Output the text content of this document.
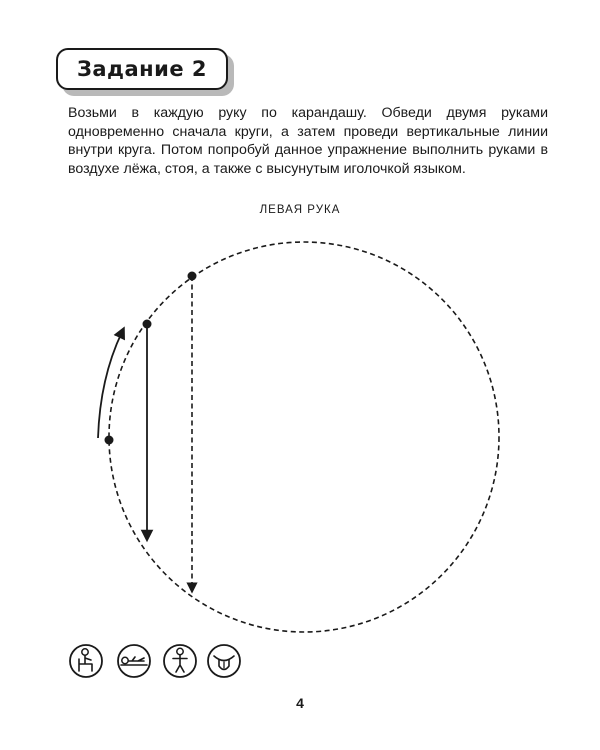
Задание 2
Возьми в каждую руку по карандашу. Обведи двумя руками одновременно сначала круги, а затем проведи вертикальные линии внутри круга. Потом попробуй данное упражнение выполнить руками в воздухе лёжа, стоя, а также с высунутым иголочкой языком.
ЛЕВАЯ РУКА
4
